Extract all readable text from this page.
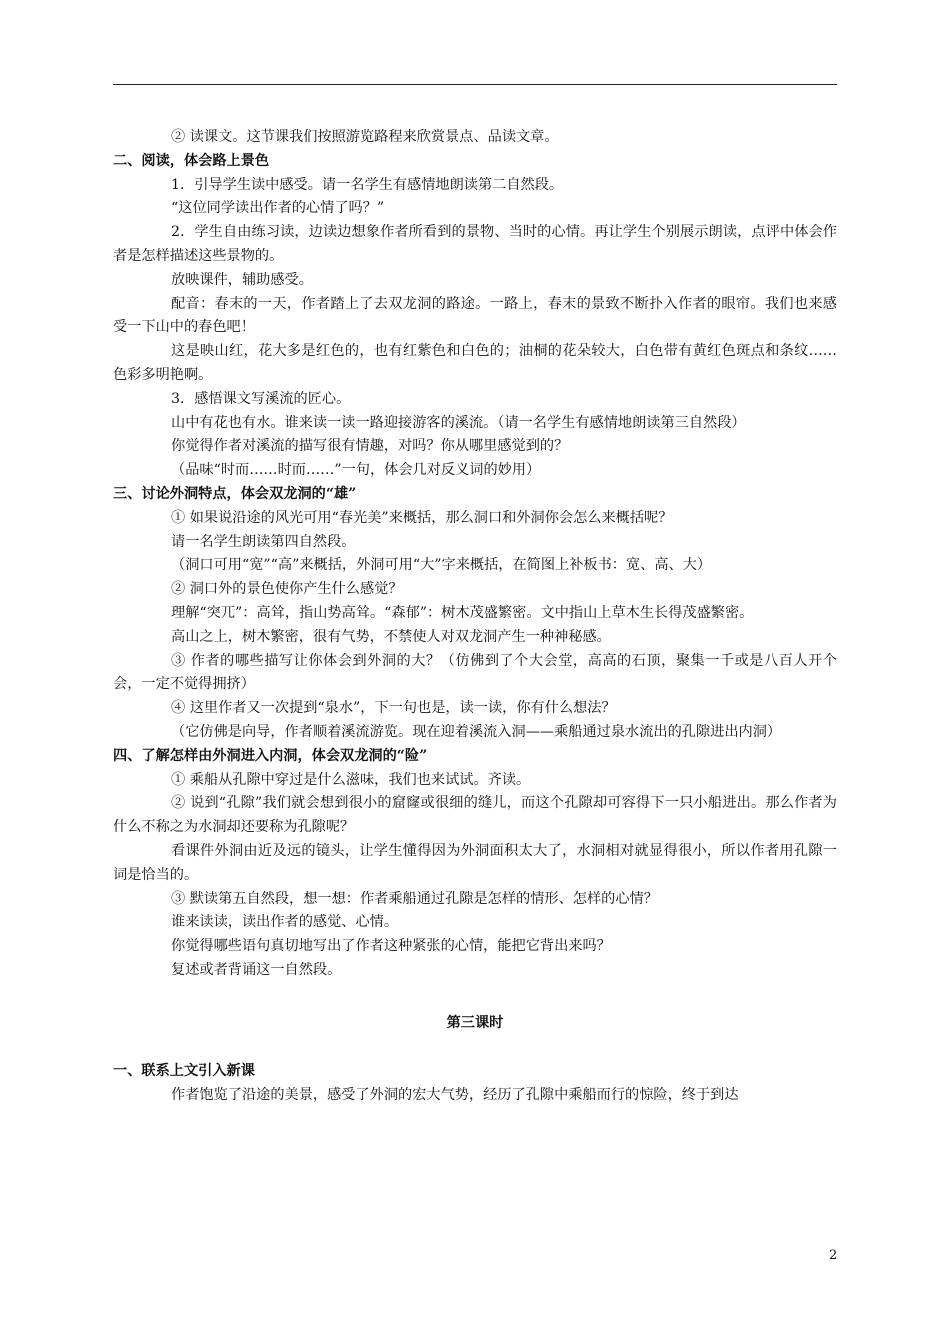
② 读课文。这节课我们按照游览路程来欣赏景点、品读文章。
二、阅读，体会路上景色
1．引导学生读中感受。请一名学生有感情地朗读第二自然段。
“这位同学读出作者的心情了吗？”
2．学生自由练习读，边读边想象作者所看到的景物、当时的心情。再让学生个别展示朗读，点评中体会作者是怎样描述这些景物的。
放映课件，辅助感受。
配音：春末的一天，作者踏上了去双龙洞的路途。一路上，春末的景致不断扑入作者的眼帘。我们也来感受一下山中的春色吧！
这是映山红，花大多是红色的，也有红紫色和白色的；油桐的花朵较大，白色带有黄红色斑点和条纹……色彩多明艳啊。
3．感悟课文写溪流的匠心。
山中有花也有水。谁来读一读一路迎接游客的溪流。（请一名学生有感情地朗读第三自然段）
你觉得作者对溪流的描写很有情趣，对吗？你从哪里感觉到的？
（品味“时而……时而……”一句，体会几对反义词的妙用）
三、讨论外洞特点，体会双龙洞的“雄”
① 如果说沿途的风光可用“春光美”来概括，那么洞口和外洞你会怎么来概括呢？
请一名学生朗读第四自然段。
（洞口可用“宽”“高”来概括，外洞可用“大”字来概括，在简图上补板书：宽、高、大）
② 洞口外的景色使你产生什么感觉？
理解“突兀”：高耸，指山势高耸。“森郁”：树木茂盛繁密。文中指山上草木生长得茂盛繁密。
高山之上，树木繁密，很有气势，不禁使人对双龙洞产生一种神秘感。
③ 作者的哪些描写让你体会到外洞的大？（仿佛到了个大会堂，高高的石顶，聚集一千或是八百人开个会，一定不觉得拥挤）
④ 这里作者又一次提到“泉水”，下一句也是，读一读，你有什么想法？
（它仿佛是向导，作者顺着溪流游览。现在迎着溪流入洞——乘船通过泉水流出的孔隙进出内洞）
四、了解怎样由外洞进入内洞，体会双龙洞的“险”
① 乘船从孔隙中穿过是什么滋味，我们也来试试。齐读。
② 说到“孔隙”我们就会想到很小的窟窿或很细的缝儿，而这个孔隙却可容得下一只小船进出。那么作者为什么不称之为水洞却还要称为孔隙呢？
看课件外洞由近及远的镜头，让学生懂得因为外洞面积太大了，水洞相对就显得很小，所以作者用孔隙一词是恰当的。
③ 默读第五自然段，想一想：作者乘船通过孔隙是怎样的情形、怎样的心情？
谁来读读，读出作者的感觉、心情。
你觉得哪些语句真切地写出了作者这种紧张的心情，能把它背出来吗？
复述或者背诵这一自然段。
第三课时
一、联系上文引入新课
作者饱览了沿途的美景，感受了外洞的宏大气势，经历了孔隙中乘船而行的惊险，终于到达
2
